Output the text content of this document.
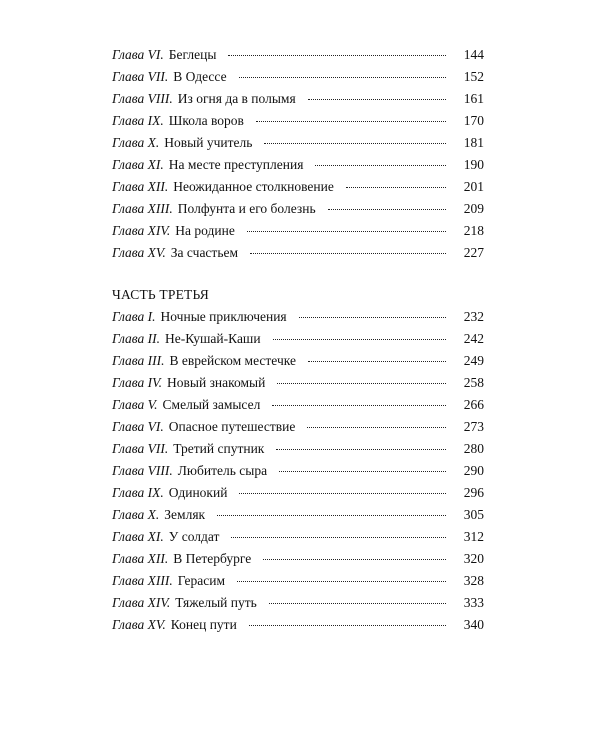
Глава VI. Беглецы	144
Глава VII. В Одессе	152
Глава VIII. Из огня да в полымя	161
Глава IX. Школа воров	170
Глава X. Новый учитель	181
Глава XI. На месте преступления	190
Глава XII. Неожиданное столкновение	201
Глава XIII. Полфунта и его болезнь	209
Глава XIV. На родине	218
Глава XV. За счастьем	227
ЧАСТЬ ТРЕТЬЯ
Глава I. Ночные приключения	232
Глава II. Не-Кушай-Каши	242
Глава III. В еврейском местечке	249
Глава IV. Новый знакомый	258
Глава V. Смелый замысел	266
Глава VI. Опасное путешествие	273
Глава VII. Третий спутник	280
Глава VIII. Любитель сыра	290
Глава IX. Одинокий	296
Глава X. Земляк	305
Глава XI. У солдат	312
Глава XII. В Петербурге	320
Глава XIII. Герасим	328
Глава XIV. Тяжелый путь	333
Глава XV. Конец пути	340
